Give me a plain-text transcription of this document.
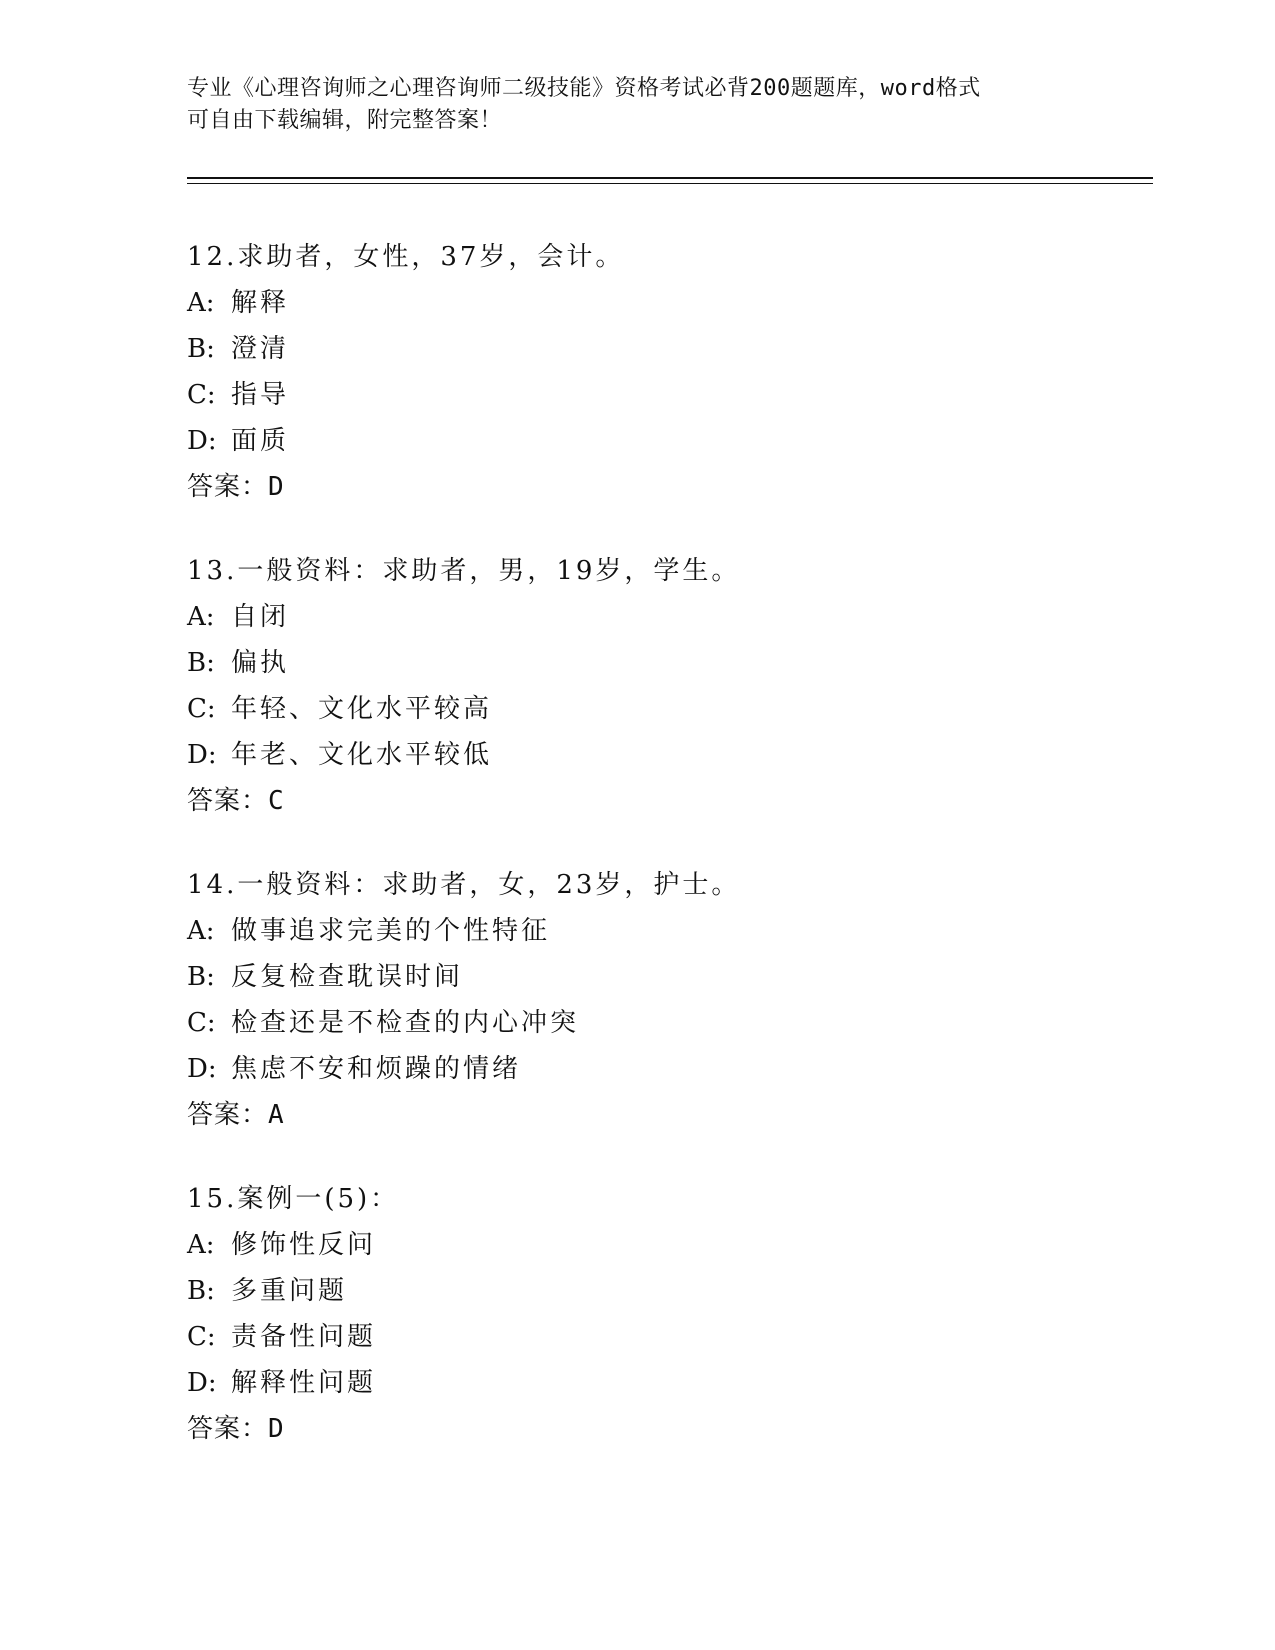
专业《心理咨询师之心理咨询师二级技能》资格考试必背200题题库，word格式
可自由下载编辑，附完整答案！
12.求助者，女性，37岁，会计。
A: 解释
B: 澄清
C: 指导
D: 面质
答案：D
13.一般资料：求助者，男，19岁，学生。
A: 自闭
B: 偏执
C: 年轻、文化水平较高
D: 年老、文化水平较低
答案：C
14.一般资料：求助者，女，23岁，护士。
A: 做事追求完美的个性特征
B: 反复检查耽误时间
C: 检查还是不检查的内心冲突
D: 焦虑不安和烦躁的情绪
答案：A
15.案例一(5)：
A: 修饰性反问
B: 多重问题
C: 责备性问题
D: 解释性问题
答案：D
